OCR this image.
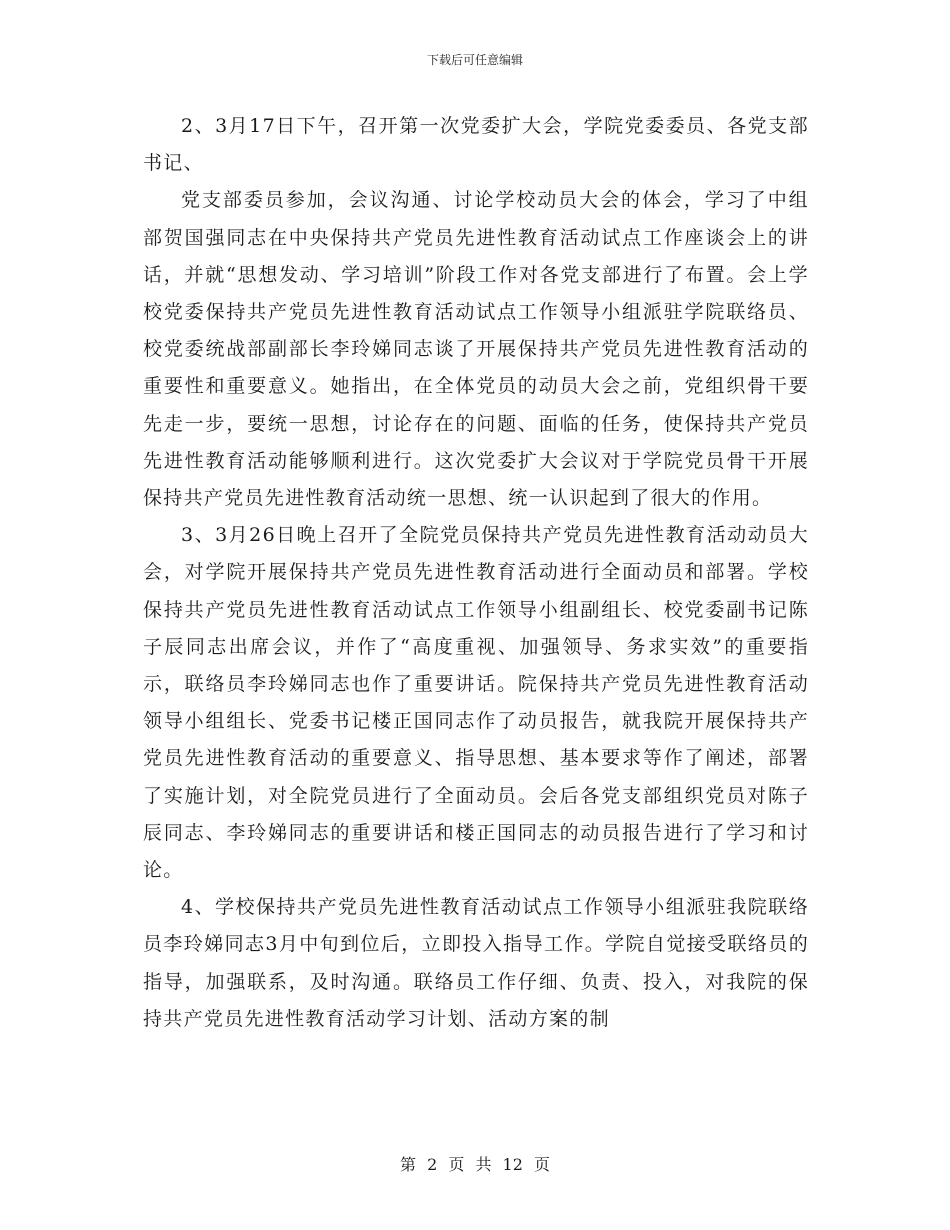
下载后可任意编辑

2、3月17日下午，召开第一次党委扩大会，学院党委委员、各党支部书记、

党支部委员参加，会议沟通、讨论学校动员大会的体会，学习了中组部贺国强同志在中央保持共产党员先进性教育活动试点工作座谈会上的讲话，并就“思想发动、学习培训”阶段工作对各党支部进行了布置。会上学校党委保持共产党员先进性教育活动试点工作领导小组派驻学院联络员、校党委统战部副部长李玲娣同志谈了开展保持共产党员先进性教育活动的重要性和重要意义。她指出，在全体党员的动员大会之前，党组织骨干要先走一步，要统一思想，讨论存在的问题、面临的任务，使保持共产党员先进性教育活动能够顺利进行。这次党委扩大会议对于学院党员骨干开展保持共产党员先进性教育活动统一思想、统一认识起到了很大的作用。

3、3月26日晚上召开了全院党员保持共产党员先进性教育活动动员大会，对学院开展保持共产党员先进性教育活动进行全面动员和部署。学校保持共产党员先进性教育活动试点工作领导小组副组长、校党委副书记陈子辰同志出席会议，并作了“高度重视、加强领导、务求实效”的重要指示，联络员李玲娣同志也作了重要讲话。院保持共产党员先进性教育活动领导小组组长、党委书记楼正国同志作了动员报告，就我院开展保持共产党员先进性教育活动的重要意义、指导思想、基本要求等作了阐述，部署了实施计划，对全院党员进行了全面动员。会后各党支部组织党员对陈子辰同志、李玲娣同志的重要讲话和楼正国同志的动员报告进行了学习和讨论。

4、学校保持共产党员先进性教育活动试点工作领导小组派驻我院联络员李玲娣同志3月中旬到位后，立即投入指导工作。学院自觉接受联络员的指导，加强联系，及时沟通。联络员工作仔细、负责、投入，对我院的保持共产党员先进性教育活动学习计划、活动方案的制

第 2 页 共 12 页
